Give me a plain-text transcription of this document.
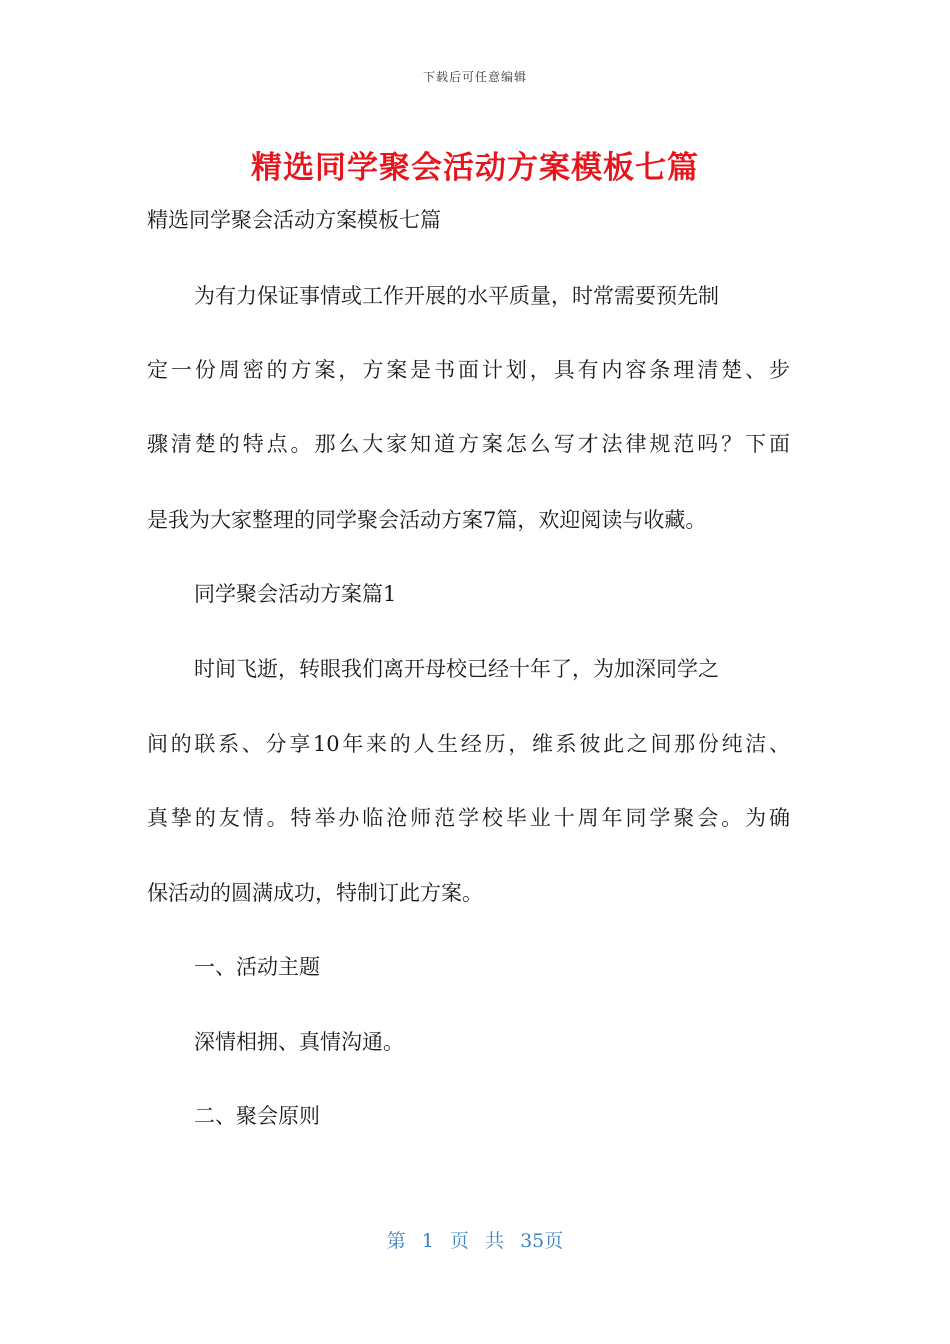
下载后可任意编辑
精选同学聚会活动方案模板七篇

精选同学聚会活动方案模板七篇

为有力保证事情或工作开展的水平质量，时常需要预先制

定一份周密的方案，方案是书面计划，具有内容条理清楚、步

骤清楚的特点。那么大家知道方案怎么写才法律规范吗？下面

是我为大家整理的同学聚会活动方案7篇，欢迎阅读与收藏。

同学聚会活动方案篇1

时间飞逝，转眼我们离开母校已经十年了，为加深同学之

间的联系、分享10年来的人生经历，维系彼此之间那份纯洁、

真挚的友情。特举办临沧师范学校毕业十周年同学聚会。为确

保活动的圆满成功，特制订此方案。

一、活动主题

深情相拥、真情沟通。

二、聚会原则

第 1 页 共 35页
